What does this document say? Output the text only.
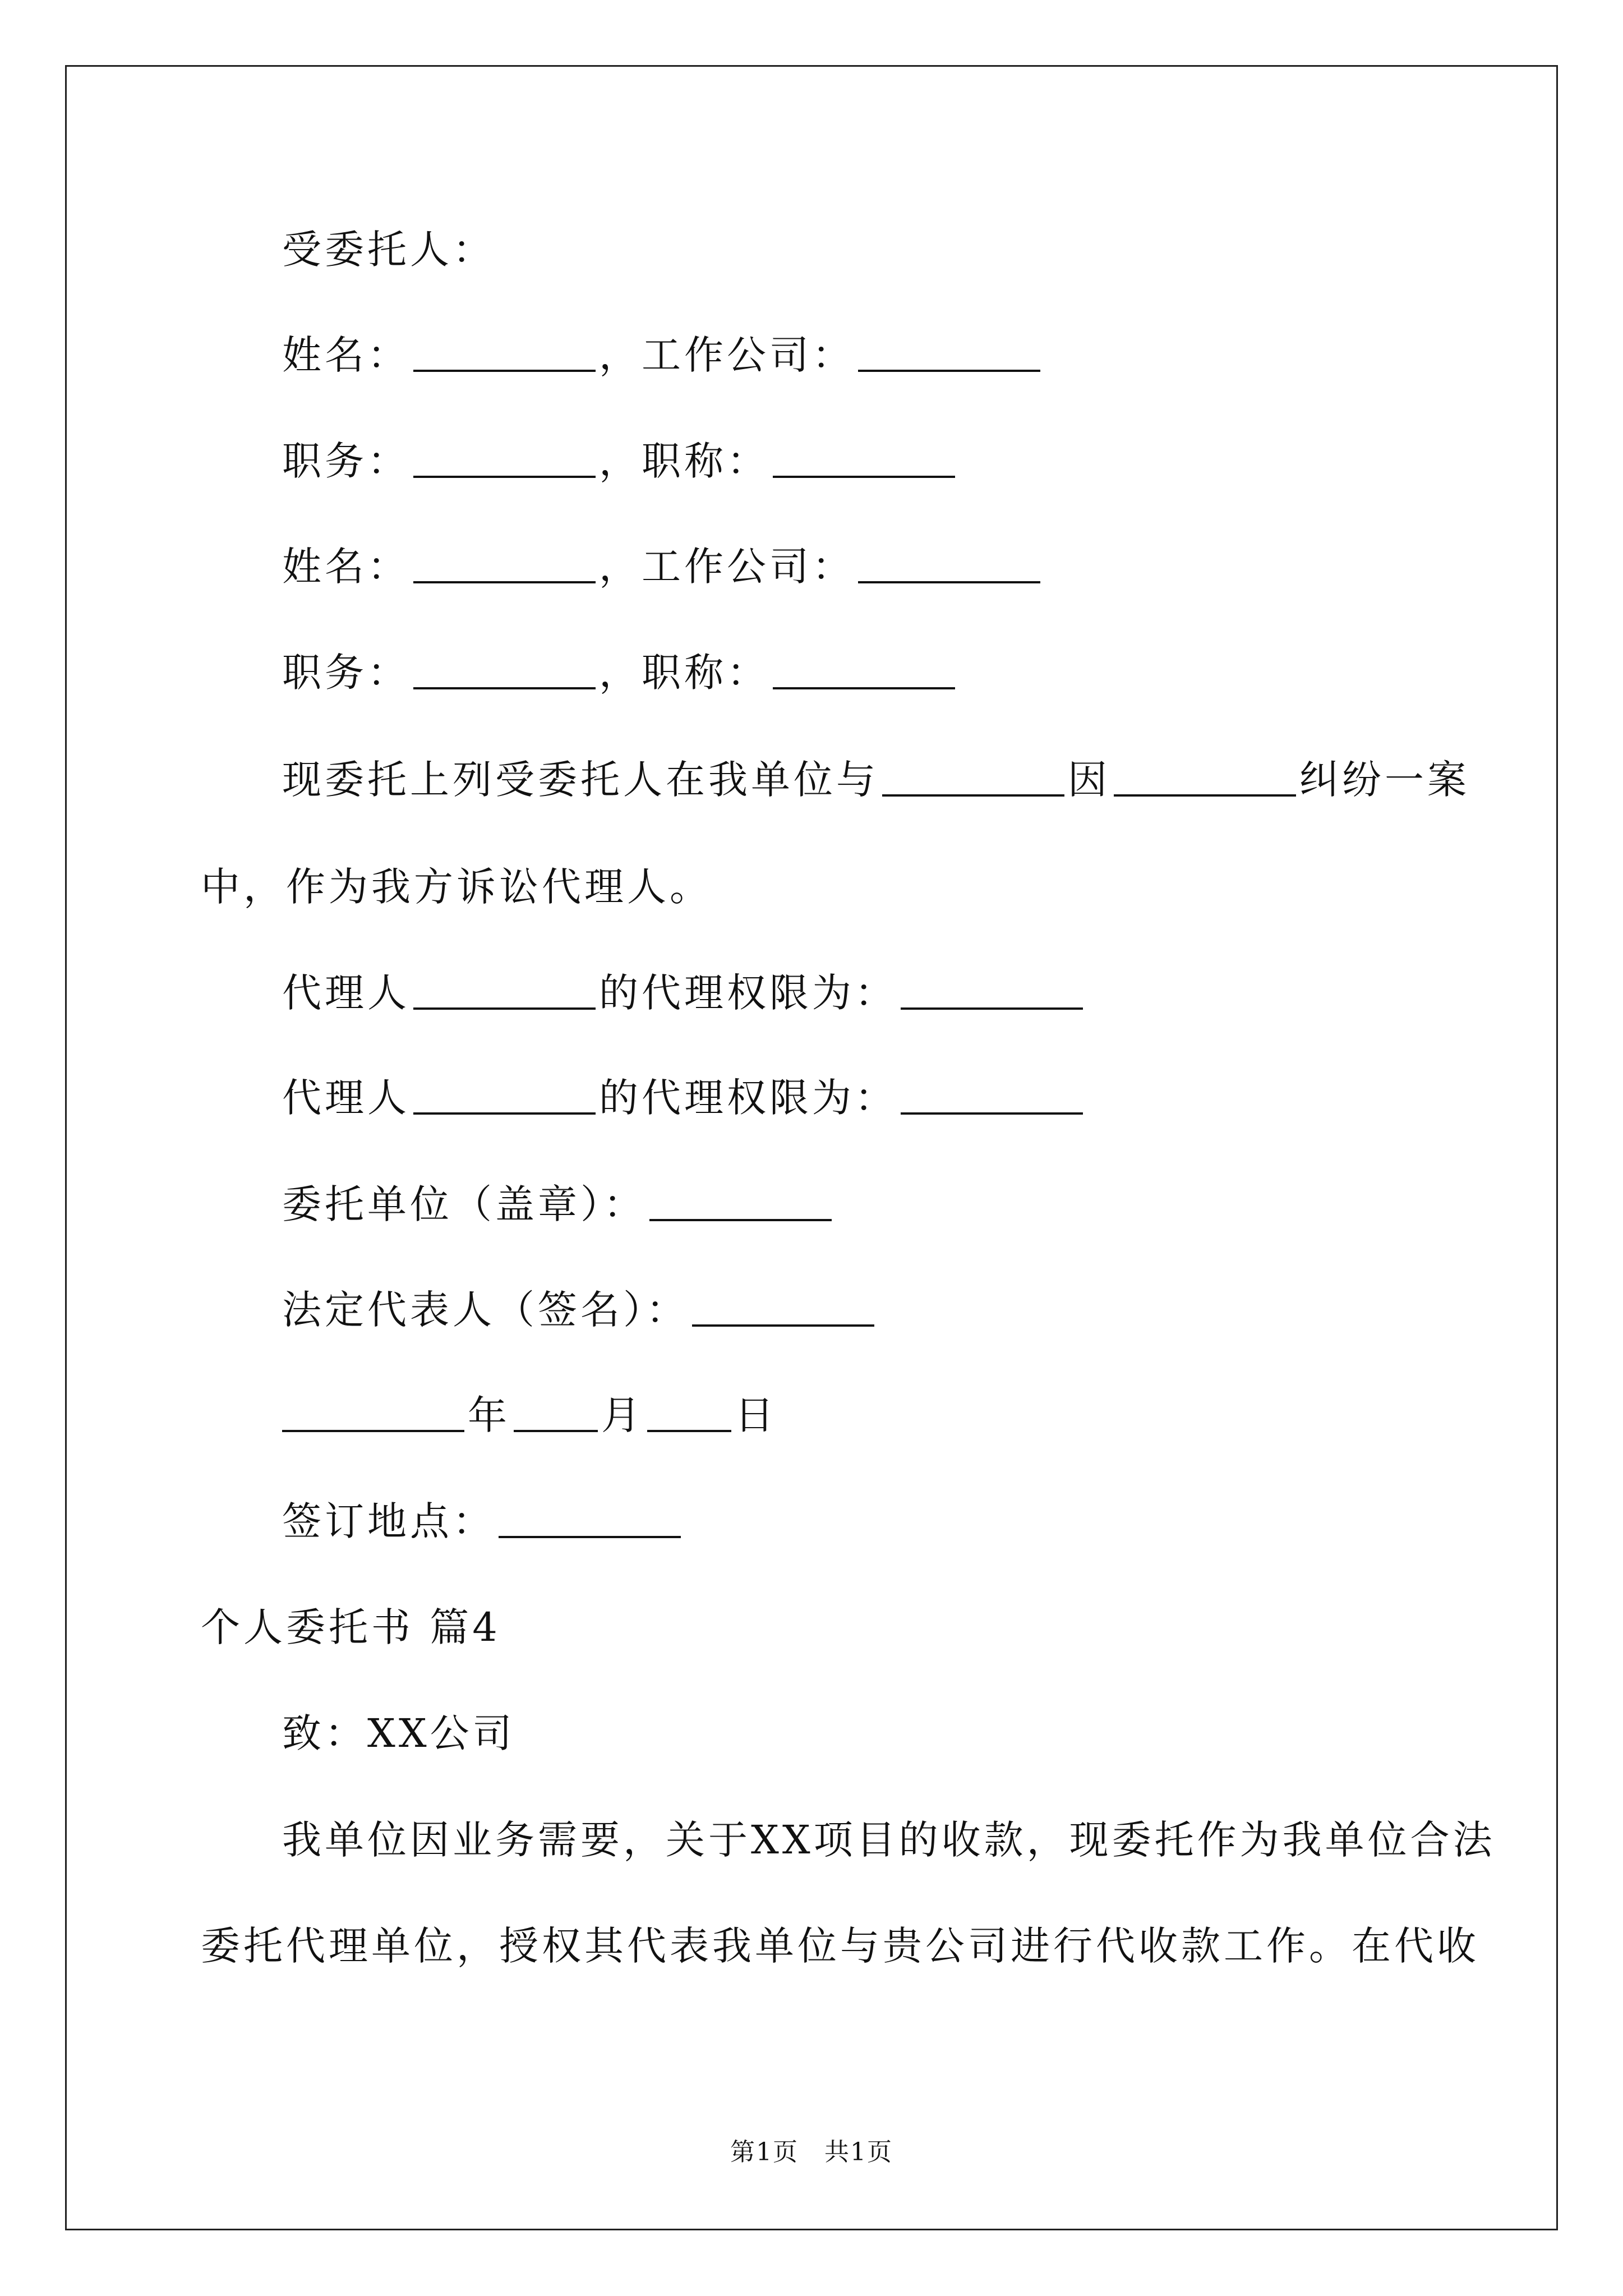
受委托人：
姓名：	，工作公司：
职务：	，职称：
姓名：	，工作公司：
职务：	，职称：
现委托上列受委托人在我单位与	因	纠纷一案
中，作为我方诉讼代理人。
代理人	的代理权限为：
代理人	的代理权限为：
委托单位（盖章）：
法定代表人（签名）：
年 月 日
签订地点：
个人委托书 篇4
致：XX公司
我单位因业务需要，关于XX项目的收款，现委托作为我单位合法
委托代理单位，授权其代表我单位与贵公司进行代收款工作。在代收
第1页　共1页
